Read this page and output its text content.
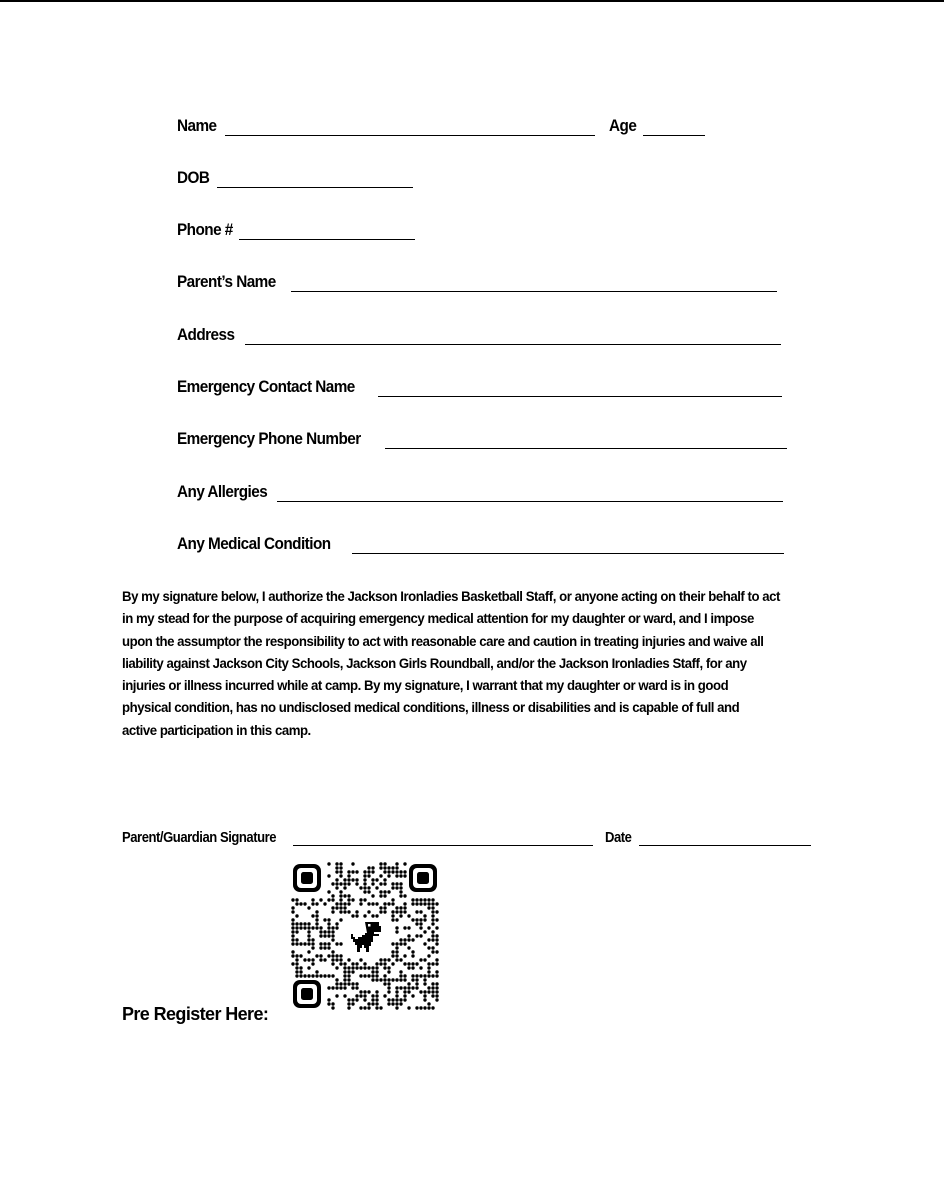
Name	Age
DOB
Phone #
Parent’s Name
Address
Emergency Contact Name
Emergency Phone Number
Any Allergies
Any Medical Condition
By my signature below, I authorize the Jackson Ironladies Basketball Staff, or anyone acting on their behalf to act
in my stead for the purpose of acquiring emergency medical attention for my daughter or ward, and I impose
upon the assumptor the responsibility to act with reasonable care and caution in treating injuries and waive all
liability against Jackson City Schools, Jackson Girls Roundball, and/or the Jackson Ironladies Staff, for any
injuries or illness incurred while at camp. By my signature, I warrant that my daughter or ward is in good
physical condition, has no undisclosed medical conditions, illness or disabilities and is capable of full and
active participation in this camp.
Parent/Guardian Signature	Date
Pre Register Here:
